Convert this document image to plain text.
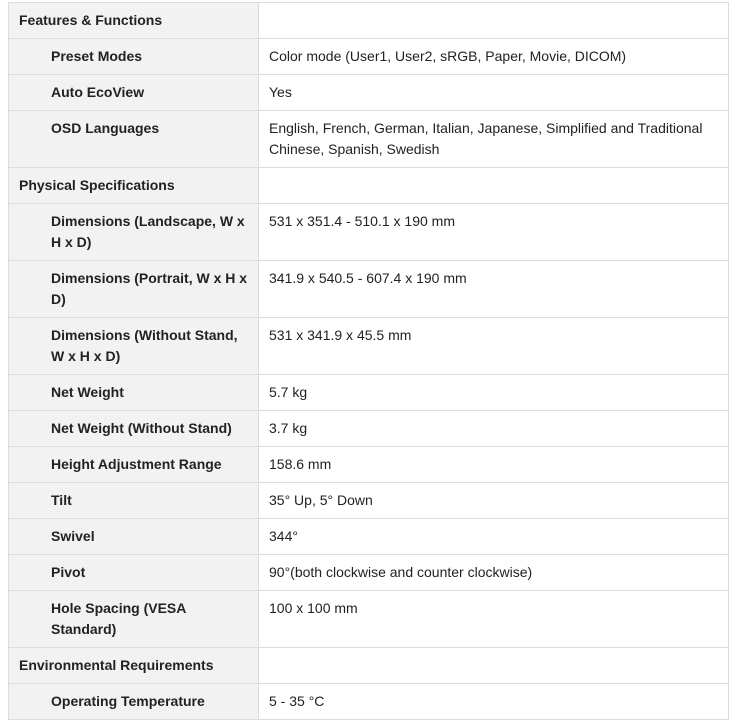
Features & Functions	
Preset Modes	Color mode (User1, User2, sRGB, Paper, Movie, DICOM)
Auto EcoView	Yes
OSD Languages	English, French, German, Italian, Japanese, Simplified and Traditional Chinese, Spanish, Swedish
Physical Specifications	
Dimensions (Landscape, W x H x D)	531 x 351.4 - 510.1 x 190 mm
Dimensions (Portrait, W x H x D)	341.9 x 540.5 - 607.4 x 190 mm
Dimensions (Without Stand, W x H x D)	531 x 341.9 x 45.5 mm
Net Weight	5.7 kg
Net Weight (Without Stand)	3.7 kg
Height Adjustment Range	158.6 mm
Tilt	35° Up, 5° Down
Swivel	344°
Pivot	90°(both clockwise and counter clockwise)
Hole Spacing (VESA Standard)	100 x 100 mm
Environmental Requirements	
Operating Temperature	5 - 35 °C
